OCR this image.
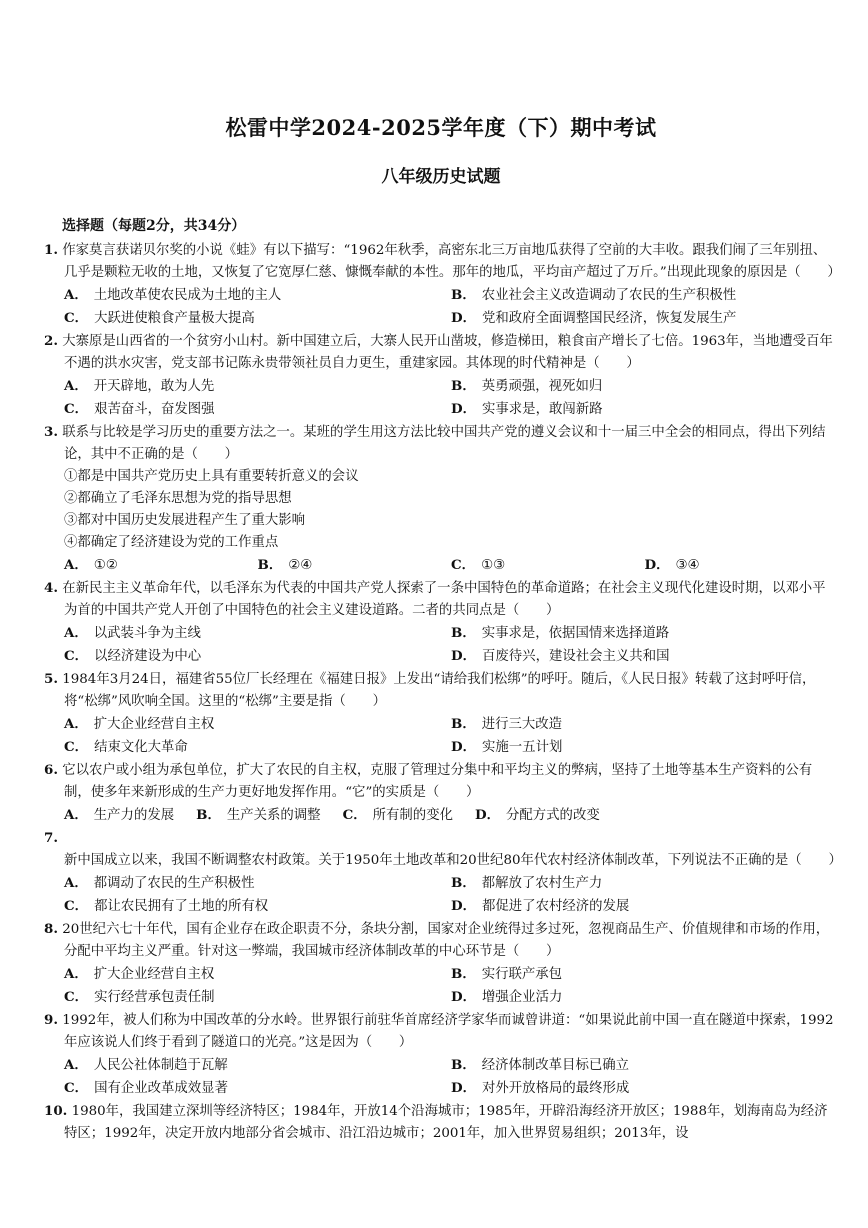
松雷中学2024-2025学年度（下）期中考试
八年级历史试题
选择题（每题2分，共34分）

1. 作家莫言获诺贝尔奖的小说《蛙》有以下描写：“1962年秋季，高密东北三万亩地瓜获得了空前的大丰收。跟我们闹了三年别扭、几乎是颗粒无收的土地，又恢复了它宽厚仁慈、慷慨奉献的本性。那年的地瓜，平均亩产超过了万斤。”出现此现象的原因是（　　）

A． 土地改革使农民成为土地的主人	B． 农业社会主义改造调动了农民的生产积极性
C． 大跃进使粮食产量极大提高	D． 党和政府全面调整国民经济，恢复发展生产

2. 大寨原是山西省的一个贫穷小山村。新中国建立后，大寨人民开山凿坡，修造梯田，粮食亩产增长了七倍。1963年，当地遭受百年不遇的洪水灾害，党支部书记陈永贵带领社员自力更生，重建家园。其体现的时代精神是（　　）

A． 开天辟地，敢为人先	B． 英勇顽强，视死如归
C． 艰苦奋斗，奋发图强	D． 实事求是，敢闯新路

3. 联系与比较是学习历史的重要方法之一。某班的学生用这方法比较中国共产党的遵义会议和十一届三中全会的相同点，得出下列结论，其中不正确的是（　　）

①都是中国共产党历史上具有重要转折意义的会议
②都确立了毛泽东思想为党的指导思想
③都对中国历史发展进程产生了重大影响
④都确定了经济建设为党的工作重点
A． ①②	B． ②④	C． ①③	D． ③④

4. 在新民主主义革命年代，以毛泽东为代表的中国共产党人探索了一条中国特色的革命道路；在社会主义现代化建设时期，以邓小平为首的中国共产党人开创了中国特色的社会主义建设道路。二者的共同点是（　　）

A． 以武装斗争为主线	B． 实事求是，依据国情来选择道路
C． 以经济建设为中心	D． 百废待兴，建设社会主义共和国

5. 1984年3月24日，福建省55位厂长经理在《福建日报》上发出“请给我们松绑”的呼吁。随后，《人民日报》转载了这封呼吁信，将“松绑”风吹响全国。这里的“松绑”主要是指（　　）

A． 扩大企业经营自主权	B． 进行三大改造
C． 结束文化大革命	D． 实施一五计划

6. 它以农户或小组为承包单位，扩大了农民的自主权，克服了管理过分集中和平均主义的弊病，坚持了土地等基本生产资料的公有制，使多年来新形成的生产力更好地发挥作用。“它”的实质是（　　）

A． 生产力的发展 B． 生产关系的调整 C． 所有制的变化 D． 分配方式的改变

7. 新中国成立以来，我国不断调整农村政策。关于1950年土地改革和20世纪80年代农村经济体制改革，下列说法不正确的是（　　）

A． 都调动了农民的生产积极性	B． 都解放了农村生产力
C． 都让农民拥有了土地的所有权	D． 都促进了农村经济的发展

8. 20世纪六七十年代，国有企业存在政企职责不分，条块分割，国家对企业统得过多过死，忽视商品生产、价值规律和市场的作用，分配中平均主义严重。针对这一弊端，我国城市经济体制改革的中心环节是（　　）

A． 扩大企业经营自主权	B． 实行联产承包
C． 实行经营承包责任制	D． 增强企业活力

9. 1992年，被人们称为中国改革的分水岭。世界银行前驻华首席经济学家华而诚曾讲道：“如果说此前中国一直在隧道中探索，1992年应该说人们终于看到了隧道口的光亮。”这是因为（　　）

A． 人民公社体制趋于瓦解	B． 经济体制改革目标已确立
C． 国有企业改革成效显著	D． 对外开放格局的最终形成

10. 1980年，我国建立深圳等经济特区；1984年，开放14个沿海城市；1985年，开辟沿海经济开放区；1988年，划海南岛为经济特区；1992年，决定开放内地部分省会城市、沿江沿边城市；2001年，加入世界贸易组织；2013年，设
